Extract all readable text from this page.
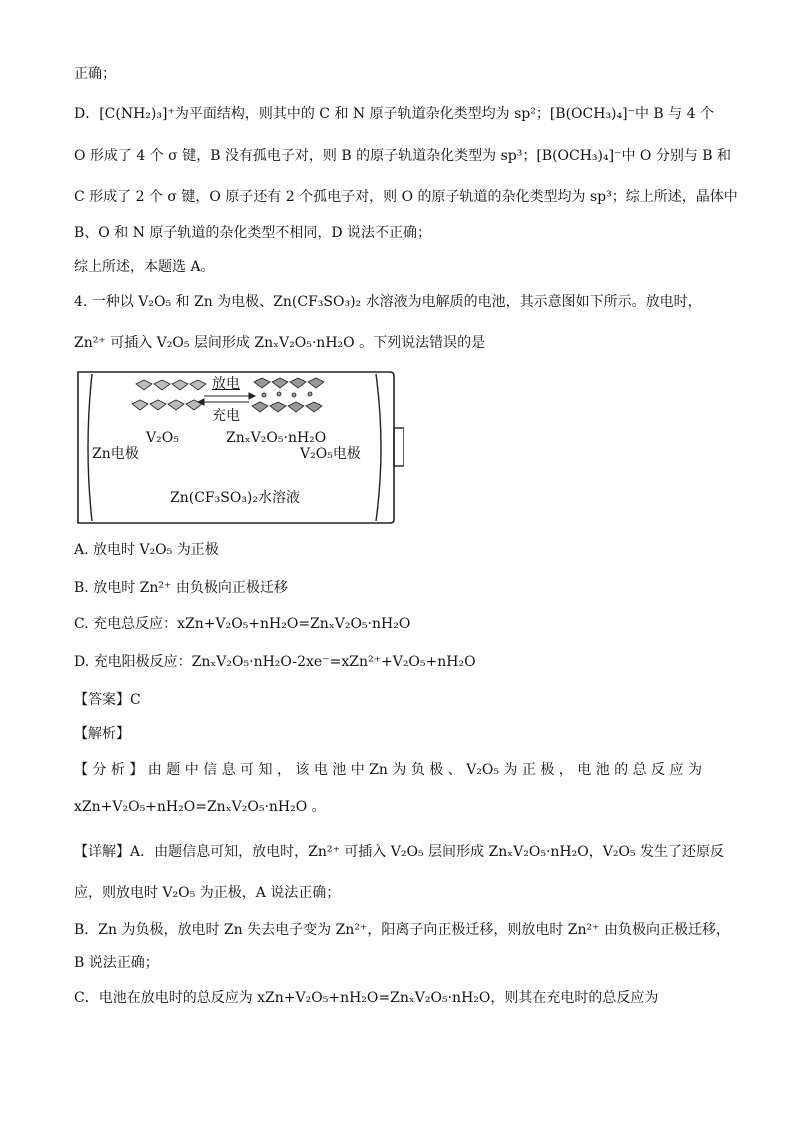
正确；
D．[C(NH₂)₃]⁺为平面结构，则其中的 C 和 N 原子轨道杂化类型均为 sp²；[B(OCH₃)₄]⁻中 B 与 4 个
O 形成了 4 个 σ 键，B 没有孤电子对，则 B 的原子轨道杂化类型为 sp³；[B(OCH₃)₄]⁻中 O 分别与 B 和
C 形成了 2 个 σ 键，O 原子还有 2 个孤电子对，则 O 的原子轨道的杂化类型均为 sp³；综上所述，晶体中
B、O 和 N 原子轨道的杂化类型不相同，D 说法不正确；
综上所述，本题选 A。
4. 一种以 V₂O₅ 和 Zn 为电极、Zn(CF₃SO₃)₂ 水溶液为电解质的电池，其示意图如下所示。放电时，
Zn²⁺ 可插入 V₂O₅ 层间形成 ZnₓV₂O₅·nH₂O 。下列说法错误的是
放电
充电
V₂O₅	ZnₓV₂O₅·nH₂O
Zn电极	V₂O₅电极
Zn(CF₃SO₃)₂水溶液
A. 放电时 V₂O₅ 为正极
B. 放电时 Zn²⁺ 由负极向正极迁移
C. 充电总反应：xZn+V₂O₅+nH₂O=ZnₓV₂O₅·nH₂O
D. 充电阳极反应：ZnₓV₂O₅·nH₂O-2xe⁻=xZn²⁺+V₂O₅+nH₂O
【答案】C
【解析】
【 分 析 】 由 题 中 信 息 可 知 ， 该 电 池 中 Zn 为 负 极 、 V₂O₅ 为 正 极 ， 电 池 的 总 反 应 为
xZn+V₂O₅+nH₂O=ZnₓV₂O₅·nH₂O 。
【详解】A．由题信息可知，放电时，Zn²⁺ 可插入 V₂O₅ 层间形成 ZnₓV₂O₅·nH₂O，V₂O₅ 发生了还原反
应，则放电时 V₂O₅ 为正极，A 说法正确；
B．Zn 为负极，放电时 Zn 失去电子变为 Zn²⁺，阳离子向正极迁移，则放电时 Zn²⁺ 由负极向正极迁移，
B 说法正确；
C．电池在放电时的总反应为 xZn+V₂O₅+nH₂O=ZnₓV₂O₅·nH₂O，则其在充电时的总反应为
